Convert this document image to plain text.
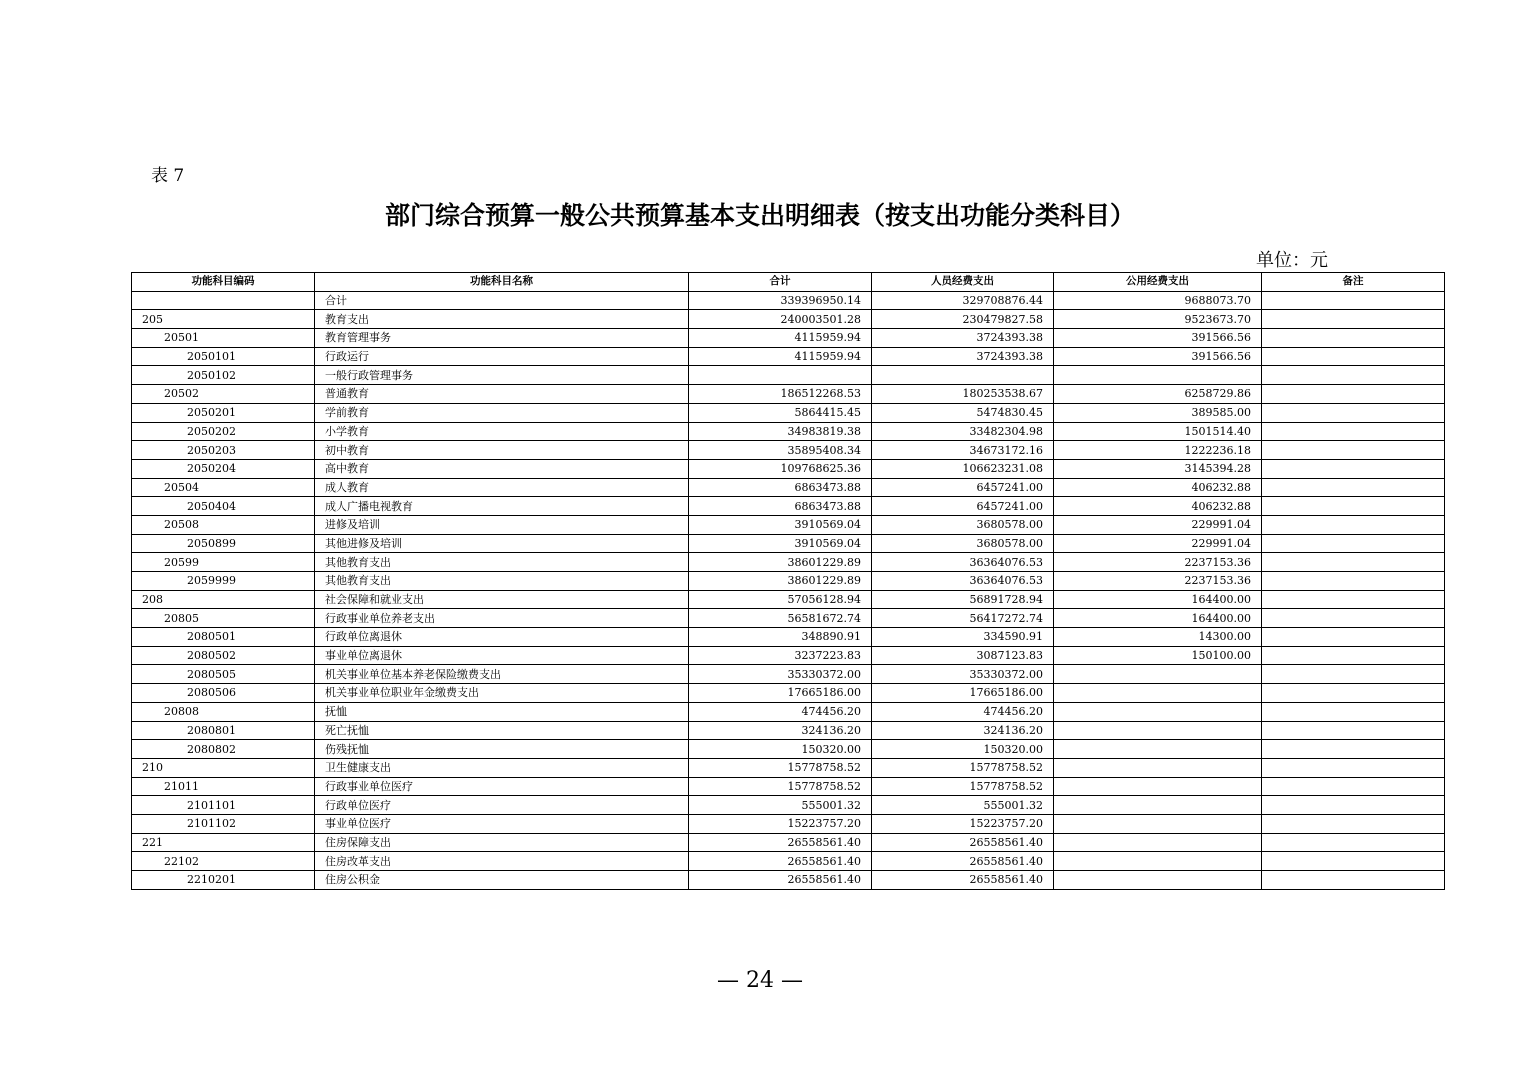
表 7
部门综合预算一般公共预算基本支出明细表（按支出功能分类科目）
单位：元
功能科目编码	功能科目名称	合计	人员经费支出	公用经费支出	备注
	合计	339396950.14	329708876.44	9688073.70	
205	教育支出	240003501.28	230479827.58	9523673.70	
20501	教育管理事务	4115959.94	3724393.38	391566.56	
2050101	行政运行	4115959.94	3724393.38	391566.56	
2050102	一般行政管理事务				
20502	普通教育	186512268.53	180253538.67	6258729.86	
2050201	学前教育	5864415.45	5474830.45	389585.00	
2050202	小学教育	34983819.38	33482304.98	1501514.40	
2050203	初中教育	35895408.34	34673172.16	1222236.18	
2050204	高中教育	109768625.36	106623231.08	3145394.28	
20504	成人教育	6863473.88	6457241.00	406232.88	
2050404	成人广播电视教育	6863473.88	6457241.00	406232.88	
20508	进修及培训	3910569.04	3680578.00	229991.04	
2050899	其他进修及培训	3910569.04	3680578.00	229991.04	
20599	其他教育支出	38601229.89	36364076.53	2237153.36	
2059999	其他教育支出	38601229.89	36364076.53	2237153.36	
208	社会保障和就业支出	57056128.94	56891728.94	164400.00	
20805	行政事业单位养老支出	56581672.74	56417272.74	164400.00	
2080501	行政单位离退休	348890.91	334590.91	14300.00	
2080502	事业单位离退休	3237223.83	3087123.83	150100.00	
2080505	机关事业单位基本养老保险缴费支出	35330372.00	35330372.00		
2080506	机关事业单位职业年金缴费支出	17665186.00	17665186.00		
20808	抚恤	474456.20	474456.20		
2080801	死亡抚恤	324136.20	324136.20		
2080802	伤残抚恤	150320.00	150320.00		
210	卫生健康支出	15778758.52	15778758.52		
21011	行政事业单位医疗	15778758.52	15778758.52		
2101101	行政单位医疗	555001.32	555001.32		
2101102	事业单位医疗	15223757.20	15223757.20		
221	住房保障支出	26558561.40	26558561.40		
22102	住房改革支出	26558561.40	26558561.40		
2210201	住房公积金	26558561.40	26558561.40		
— 24 —
